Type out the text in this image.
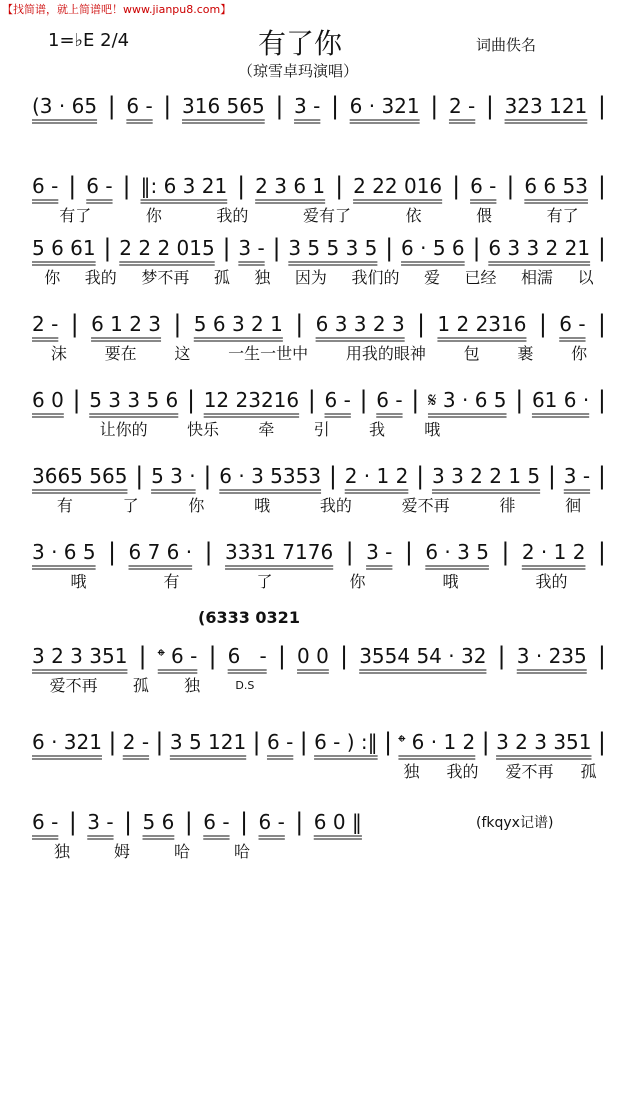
【找简谱，就上简谱吧！www.jianpu8.com】
1=♭E 2/4	有了你
（琼雪卓玛演唱）
词曲佚名
(6333 0321
(fkqyx记谱)
(3 · 65 | 6 - | 316 565 | 3 - | 6 · 321 | 2 - | 323 121 |
6 - | 6 - | ‖: 6 3 21 | 2 3 6 1 | 2 22 016 | 6 - | 6 6 53 |
有了	你	我的	爱有了	依	偎	有了
5 6 61 | 2 2 2 015 | 3 - | 3 5 5 3 5 | 6 · 5 6 | 6 3 3 2 21 |
你 我的 梦不再 孤 独 因为 我们的 爱 已经 相濡 以
2 - | 6 1 2 3 | 5 6 3 2 1 | 6 3 3 2 3 | 1 2 2316 | 6 - |
沫 要在 这 一生一世中 用我的眼神 包 裹 你
6 0 | 5 3 3 5 6 | 12 23216 | 6 - | 6 - | 𝄋 3 · 6 5 | 61 6 · |
让你的 快乐 牵 引 我 哦
3665 565 | 5 3 · | 6 · 3 5353 | 2 · 1 2 | 3 3 2 2 1 5 | 3 - |
有	了	你	哦	我的	爱不再	徘	徊
3 · 6 5 | 6 7 6 · | 3331 7176 | 3 - | 6 · 3 5 | 2 · 1 2 |
哦	有	了	你	哦	我的
3 2 3 351 | 𝄌 6 - | 6   - | 0 0 | 3554 54 · 32 | 3 · 235 |
爱不再 孤 独	D.S
6 · 321 | 2 - | 3 5 121 | 6 - | 6 - ) :‖ | 𝄌 6 · 1 2 | 3 2 3 351 |
独 我的 爱不再 孤
6 - | 3 - | 5 6 | 6 - | 6 - | 6 0 ‖
独	姆	哈	哈
